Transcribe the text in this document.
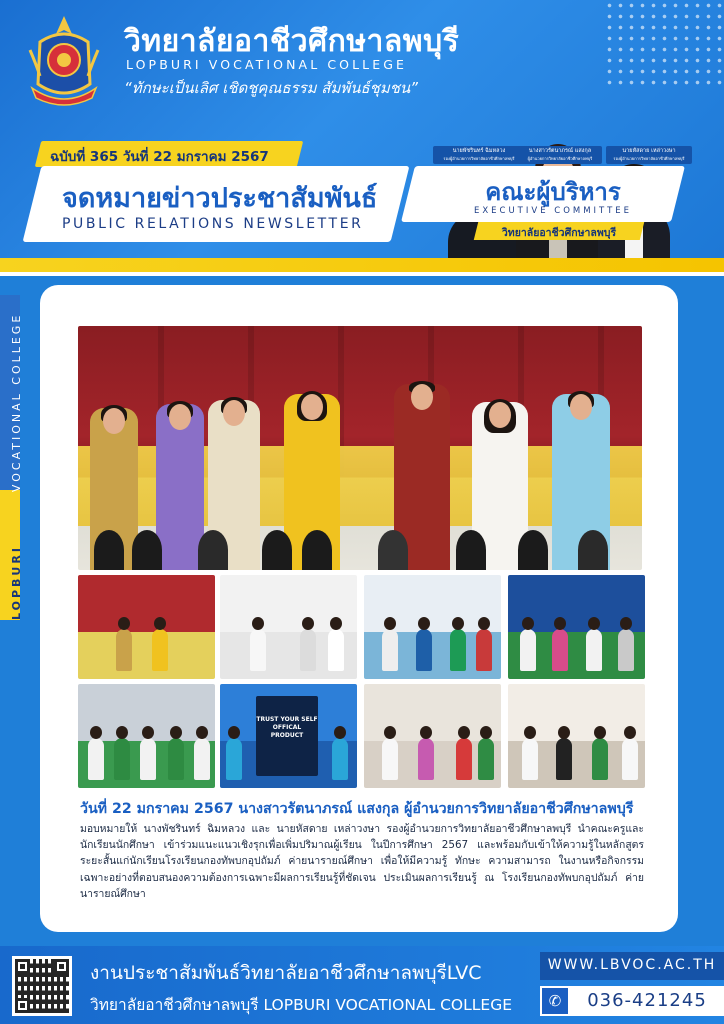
วิทยาลัยอาชีวศึกษาลพบุรี
LOPBURI VOCATIONAL COLLEGE
“ทักษะเป็นเลิศ เชิดชูคุณธรรม สัมพันธ์ชุมชน”
นายพัชรินทร์ ฉิมหลวง
รองผู้อำนวยการวิทยาลัยอาชีวศึกษาลพบุรี
นางสาวรัตนาภรณ์ แสงกุล
ผู้อำนวยการวิทยาลัยอาชีวศึกษาลพบุรี
นายหัสดาย เหล่าวงษา
รองผู้อำนวยการวิทยาลัยอาชีวศึกษาลพบุรี
ฉบับที่ 365 วันที่ 22 มกราคม 2567
จดหมายข่าวประชาสัมพันธ์
PUBLIC RELATIONS NEWSLETTER
คณะผู้บริหาร
EXECUTIVE COMMITTEE
วิทยาลัยอาชีวศึกษาลพบุรี
LOPBURI  VOCATIONAL COLLEGE
TRUST YOUR SELF OFFICAL PRODUCT
วันที่ 22 มกราคม 2567 นางสาวรัตนาภรณ์ แสงกุล ผู้อำนวยการวิทยาลัยอาชีวศึกษาลพบุรี
มอบหมายให้ นางพัชรินทร์ ฉิมหลวง และ นายหัสดาย เหล่าวงษา รองผู้อำนวยการวิทยาลัยอาชีวศึกษาลพบุรี นำคณะครูและนักเรียนนักศึกษา เข้าร่วมแนะแนวเชิงรุกเพื่อเพิ่มปริมาณผู้เรียน ในปีการศึกษา 2567 และพร้อมกับเข้าให้ความรู้ในหลักสูตร ระยะสั้นแก่นักเรียนโรงเรียนกองทัพบกอุปถัมภ์ ค่ายนารายณ์ศึกษา เพื่อให้มีความรู้ ทักษะ ความสามารถ ในงานหรือกิจกรรมเฉพาะอย่างที่ตอบสนองความต้องการเฉพาะมีผลการเรียนรู้ที่ชัดเจน ประเมินผลการเรียนรู้ ณ โรงเรียนกองทัพบกอุปถัมภ์ ค่ายนารายณ์ศึกษา
งานประชาสัมพันธ์วิทยาลัยอาชีวศึกษาลพบุรีLVC
วิทยาลัยอาชีวศึกษาลพบุรี LOPBURI VOCATIONAL COLLEGE
WWW.LBVOC.AC.TH
✆	036-421245
